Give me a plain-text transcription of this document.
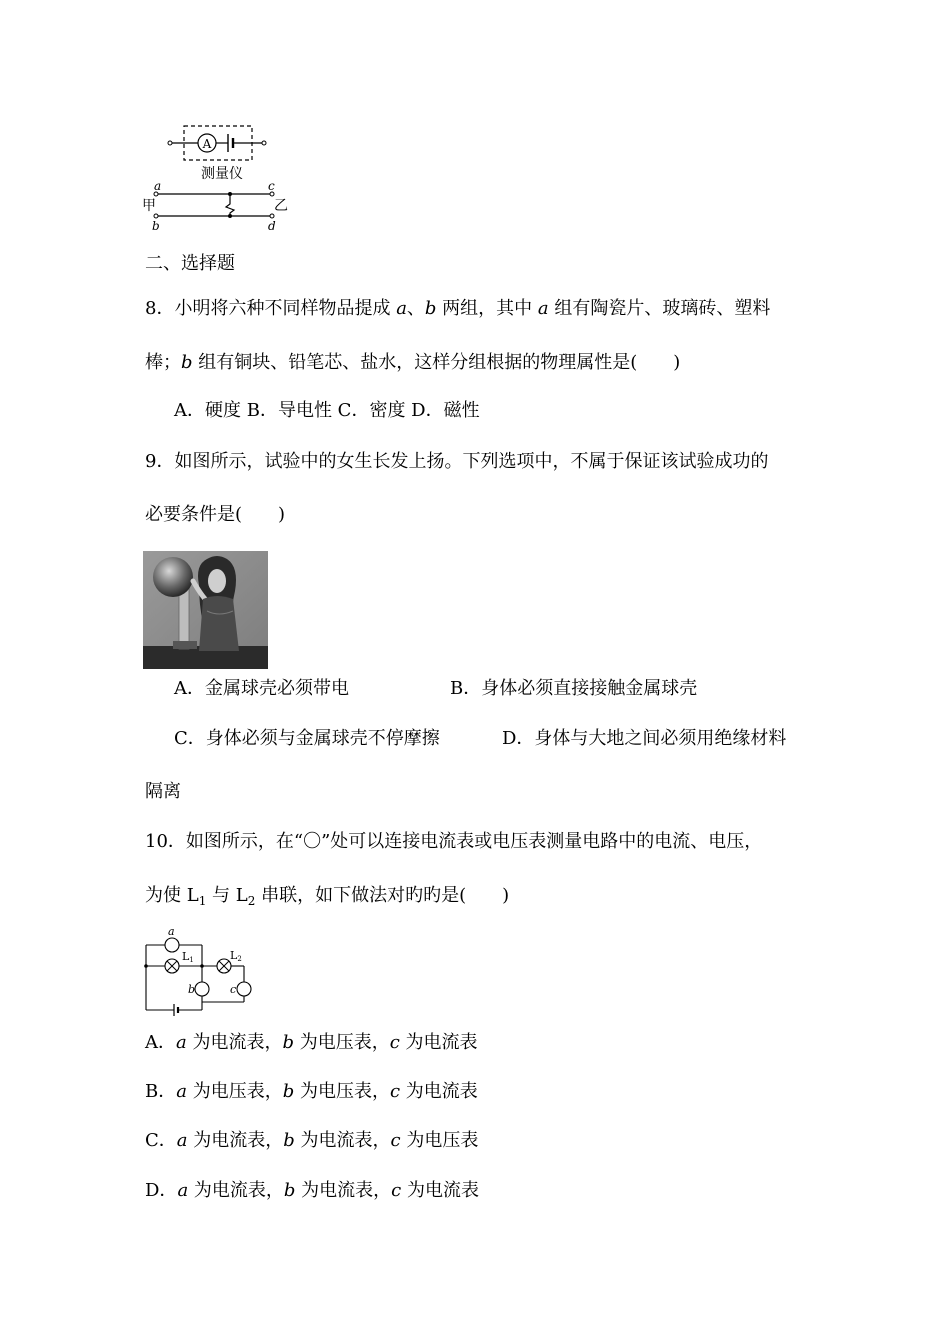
A
测量仪
a	c
甲	乙
b	d
二、选择题
8．小明将六种不同样物品提成 a、b 两组，其中 a 组有陶瓷片、玻璃砖、塑料
棒；b 组有铜块、铅笔芯、盐水，这样分组根据的物理属性是(　　)
A．硬度 B．导电性 C．密度 D．磁性
9．如图所示，试验中的女生长发上扬。下列选项中，不属于保证该试验成功的
必要条件是(　　)
A．金属球壳必须带电	B．身体必须直接接触金属球壳
C．身体必须与金属球壳不停摩擦	D．身体与大地之间必须用绝缘材料
隔离
10．如图所示，在“〇”处可以连接电流表或电压表测量电路中的电流、电压，
为使 $L_1$ 与 $L_2$ 串联，如下做法对旳旳是(　　)
a
L1	L2
b	c
A．a 为电流表，b 为电压表，c 为电流表
B．a 为电压表，b 为电压表，c 为电流表
C．a 为电流表，b 为电流表，c 为电压表
D．a 为电流表，b 为电流表，c 为电流表
